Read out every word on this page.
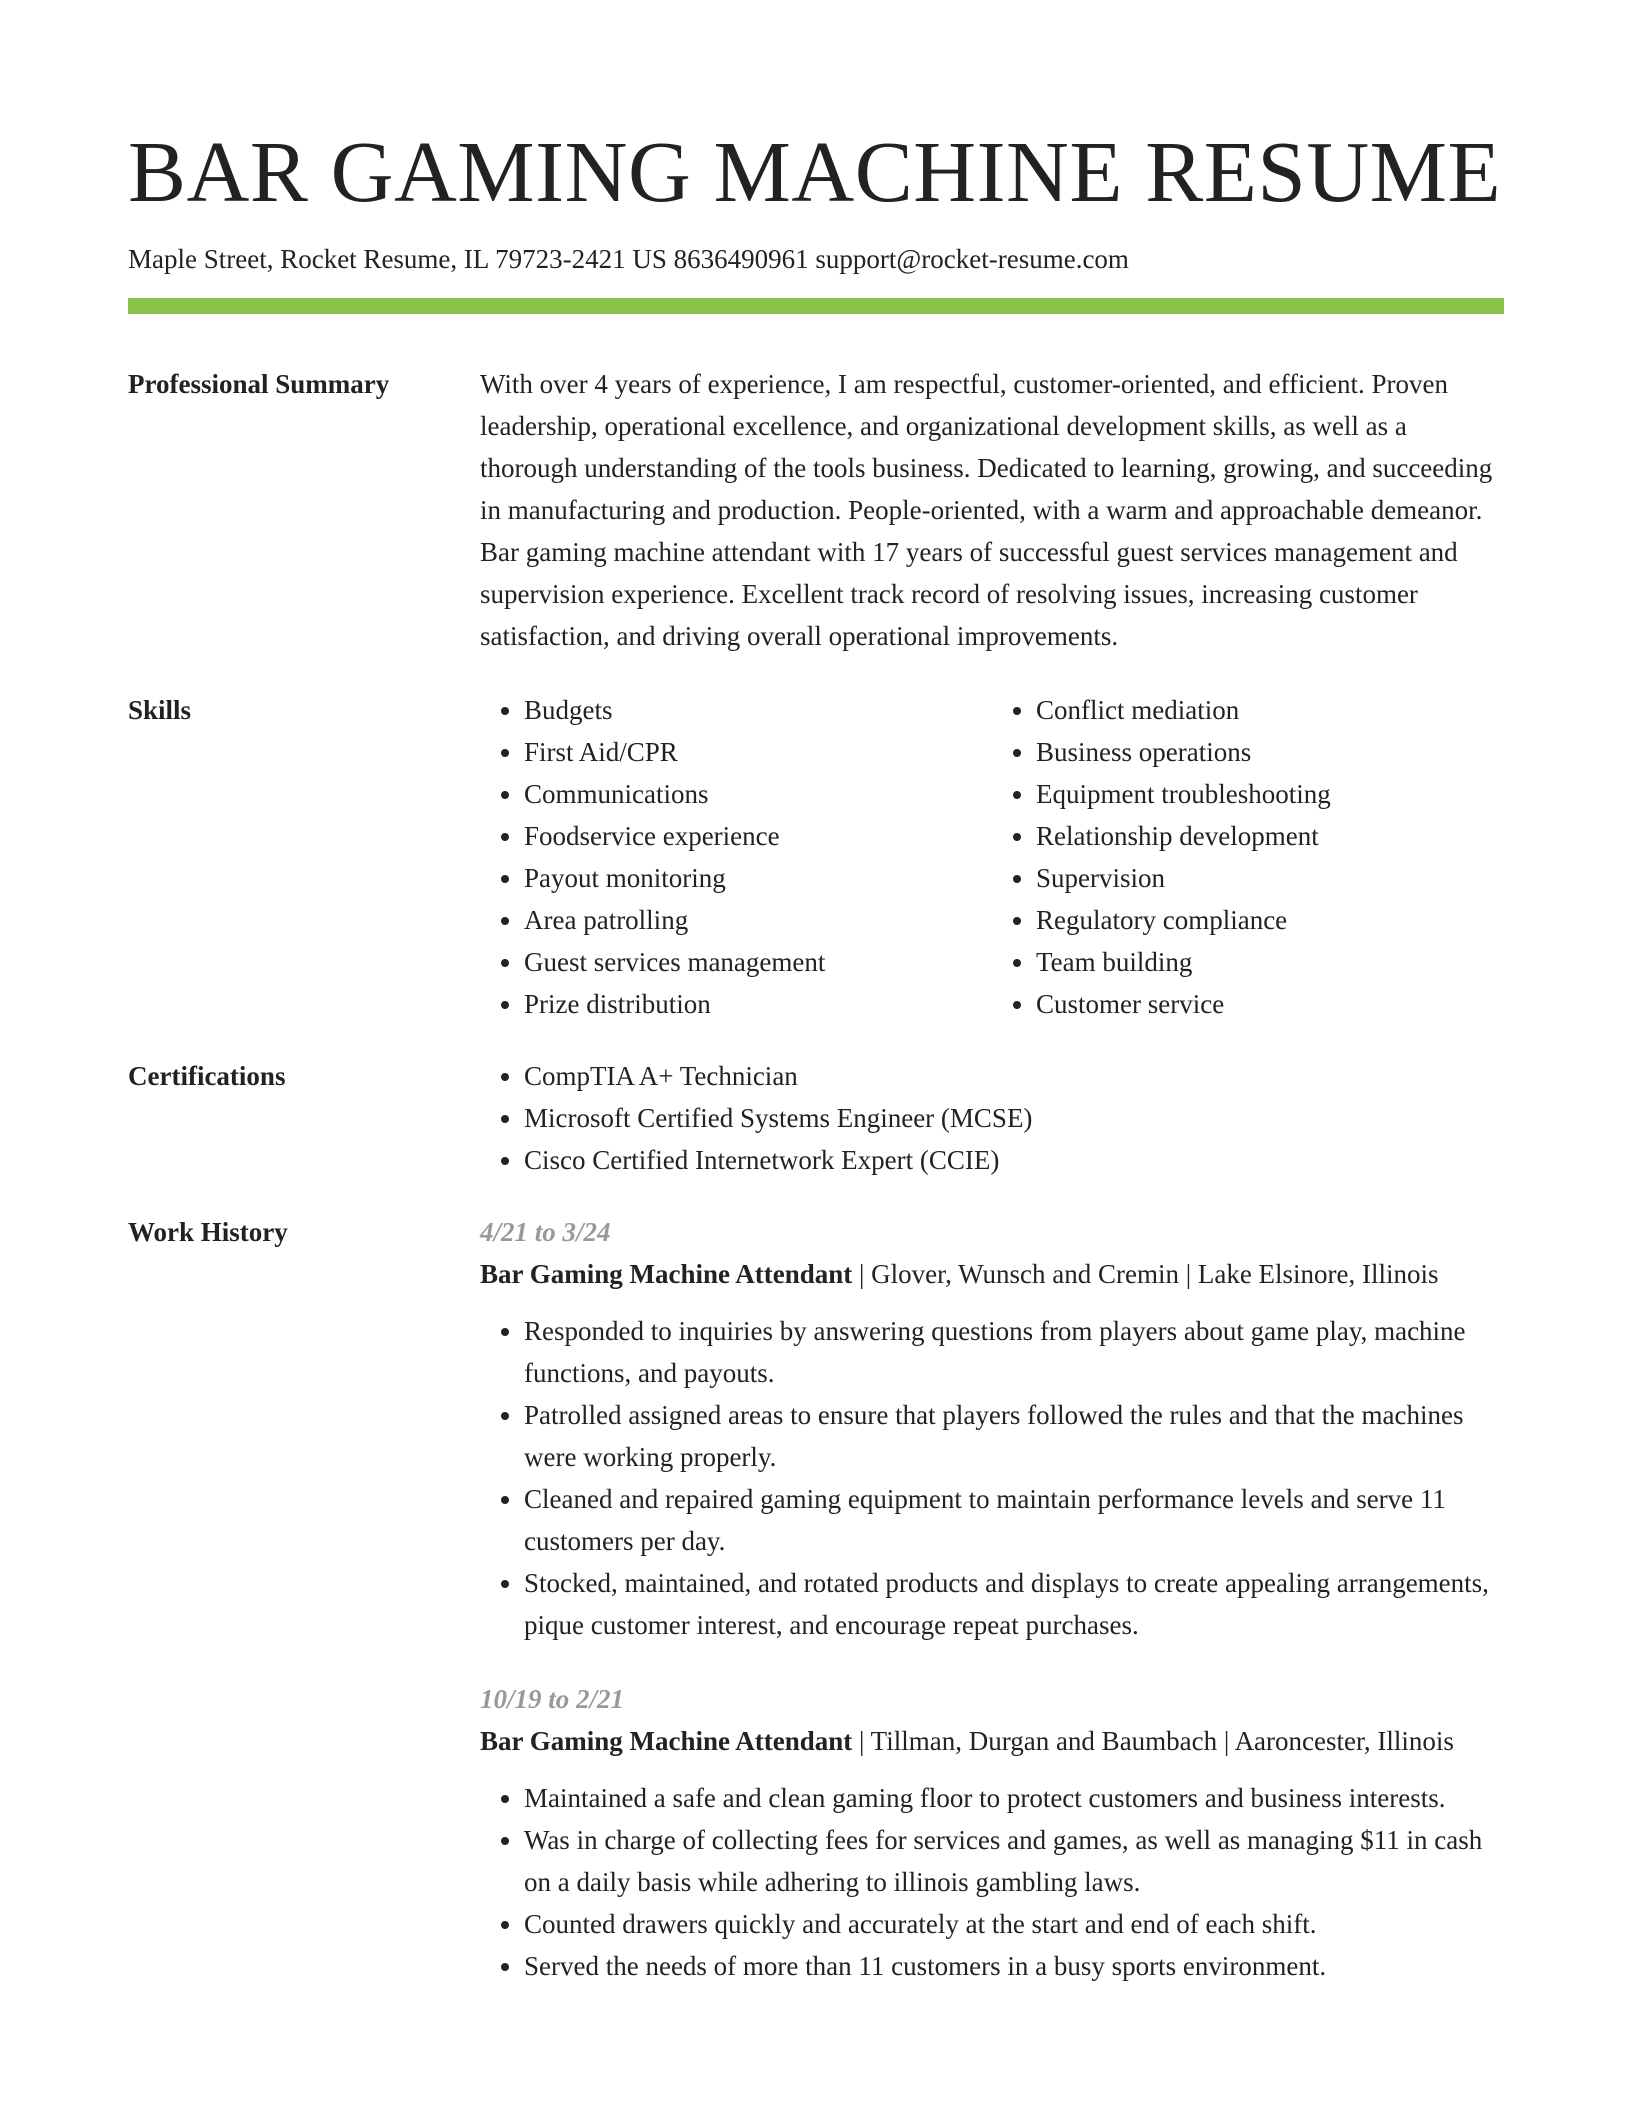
BAR GAMING MACHINE RESUME
Maple Street, Rocket Resume, IL 79723-2421 US 8636490961 support@rocket-resume.com
Professional Summary	With over 4 years of experience, I am respectful, customer-oriented, and efficient. Proven leadership, operational excellence, and organizational development skills, as well as a thorough understanding of the tools business. Dedicated to learning, growing, and succeeding in manufacturing and production. People-oriented, with a warm and approachable demeanor. Bar gaming machine attendant with 17 years of successful guest services management and supervision experience. Excellent track record of resolving issues, increasing customer satisfaction, and driving overall operational improvements.

Skills	• Budgets
• First Aid/CPR
• Communications
• Foodservice experience
• Payout monitoring
• Area patrolling
• Guest services management
• Prize distribution
• Conflict mediation
• Business operations
• Equipment troubleshooting
• Relationship development
• Supervision
• Regulatory compliance
• Team building
• Customer service
Certifications	• CompTIA A+ Technician
• Microsoft Certified Systems Engineer (MCSE)
• Cisco Certified Internetwork Expert (CCIE)
Work History	4/21 to 3/24
Bar Gaming Machine Attendant | Glover, Wunsch and Cremin | Lake Elsinore, Illinois
• Responded to inquiries by answering questions from players about game play, machine functions, and payouts.
• Patrolled assigned areas to ensure that players followed the rules and that the machines were working properly.
• Cleaned and repaired gaming equipment to maintain performance levels and serve 11 customers per day.
• Stocked, maintained, and rotated products and displays to create appealing arrangements, pique customer interest, and encourage repeat purchases.
10/19 to 2/21
Bar Gaming Machine Attendant | Tillman, Durgan and Baumbach | Aaroncester, Illinois
• Maintained a safe and clean gaming floor to protect customers and business interests.
• Was in charge of collecting fees for services and games, as well as managing $11 in cash on a daily basis while adhering to illinois gambling laws.
• Counted drawers quickly and accurately at the start and end of each shift.
• Served the needs of more than 11 customers in a busy sports environment.
